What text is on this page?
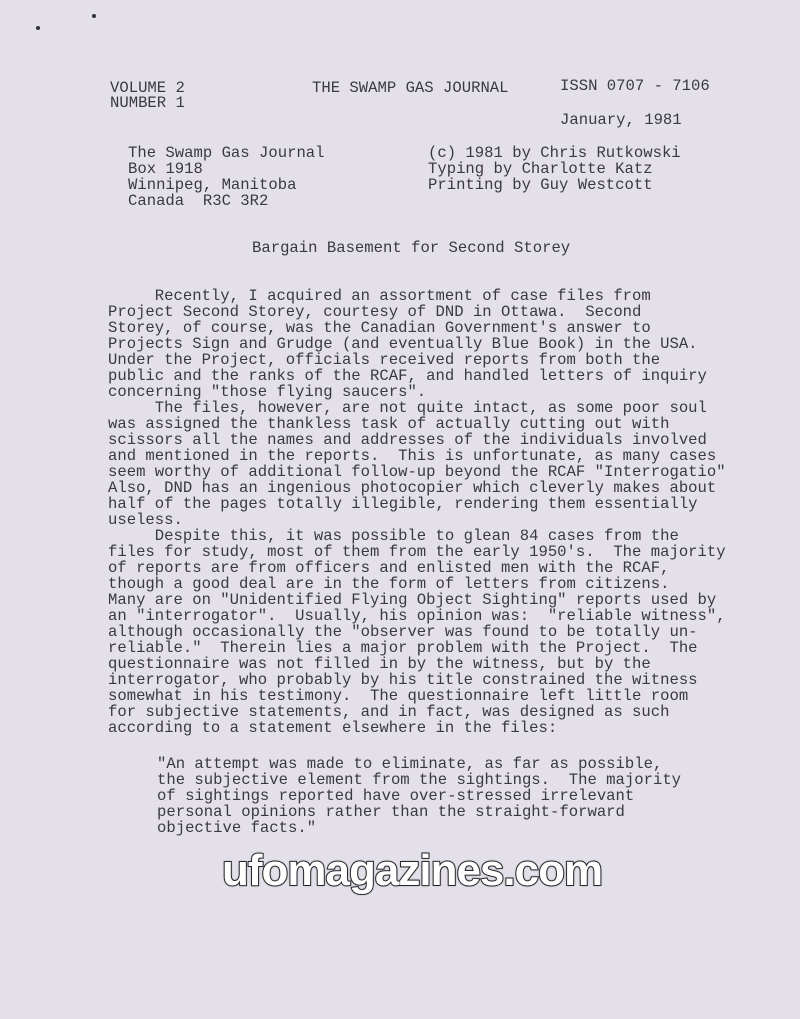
VOLUME 2
NUMBER 1
THE SWAMP GAS JOURNAL	ISSN 0707 - 7106
January, 1981
The Swamp Gas Journal
Box 1918
Winnipeg, Manitoba
Canada  R3C 3R2
(c) 1981 by Chris Rutkowski
Typing by Charlotte Katz
Printing by Guy Westcott
Bargain Basement for Second Storey
Recently, I acquired an assortment of case files from
Project Second Storey, courtesy of DND in Ottawa.  Second
Storey, of course, was the Canadian Government's answer to
Projects Sign and Grudge (and eventually Blue Book) in the USA.
Under the Project, officials received reports from both the
public and the ranks of the RCAF, and handled letters of inquiry
concerning "those flying saucers".
The files, however, are not quite intact, as some poor soul
was assigned the thankless task of actually cutting out with
scissors all the names and addresses of the individuals involved
and mentioned in the reports.  This is unfortunate, as many cases
seem worthy of additional follow-up beyond the RCAF "Interrogatio"
Also, DND has an ingenious photocopier which cleverly makes about
half of the pages totally illegible, rendering them essentially
useless.
Despite this, it was possible to glean 84 cases from the
files for study, most of them from the early 1950's.  The majority
of reports are from officers and enlisted men with the RCAF,
though a good deal are in the form of letters from citizens.
Many are on "Unidentified Flying Object Sighting" reports used by
an "interrogator".  Usually, his opinion was:  "reliable witness",
although occasionally the "observer was found to be totally un-
reliable."  Therein lies a major problem with the Project.  The
questionnaire was not filled in by the witness, but by the
interrogator, who probably by his title constrained the witness
somewhat in his testimony.  The questionnaire left little room
for subjective statements, and in fact, was designed as such
according to a statement elsewhere in the files:
"An attempt was made to eliminate, as far as possible,
the subjective element from the sightings.  The majority
of sightings reported have over-stressed irrelevant
personal opinions rather than the straight-forward
objective facts."
ufomagazines.com
